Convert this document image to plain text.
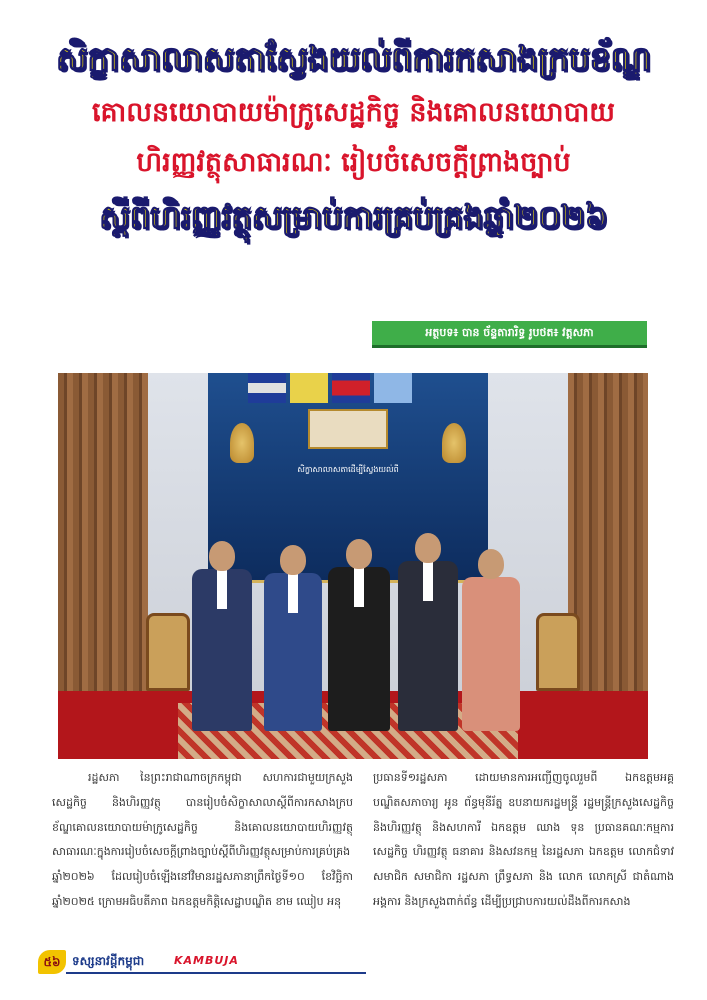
សិក្ខាសាលាសតាស្វែងយល់ពីការកសាងក្របខ័ណ្ឌ
គោលនយោបាយម៉ាក្រូសេដ្ឋកិច្ច និងគោលនយោបាយ
ហិរញ្ញវត្ថុសាធារណៈ រៀបចំសេចក្ដីព្រាងច្បាប់
ស្ដីពីហិរញ្ញវត្ថុសម្រាប់ការគ្រប់គ្រងឆ្នាំ២០២៦
អត្ថបទ៖ បាន ច័ន្ទតារារិទ្ធ រូបថត៖ វត្តសភា
សិក្ខាសាលាសតាដើម្បីស្វែងយល់ពី
រដ្ឋសភា នៃព្រះរាជាណាចក្រកម្ពុជា សហការជាមួយក្រសួងសេដ្ឋកិច្ច និងហិរញ្ញវត្ថុ បានរៀបចំសិក្ខាសាលាស្ដីពីការកសាងក្របខ័ណ្ឌគោលនយោបាយម៉ាក្រូសេដ្ឋកិច្ច និងគោលនយោបាយហិរញ្ញវត្ថុសាធារណៈក្នុងការរៀបចំសេចក្ដីព្រាងច្បាប់ស្ដីពីហិរញ្ញវត្ថុសម្រាប់ការគ្រប់គ្រងឆ្នាំ២០២៦ ដែលរៀបចំឡើងនៅវិមានរដ្ឋសភានាព្រឹកថ្ងៃទី១០ ខែវិច្ឆិកា ឆ្នាំ២០២៥ ក្រោមអធិបតីភាព ឯកឧត្ដមកិត្ដិសេដ្ឋាបណ្ឌិត ខាម ឈៀប អនុ
ប្រធានទី១រដ្ឋសភា ដោយមានការអញ្ជើញចូលរួមពី ឯកឧត្ដមអគ្គបណ្ឌិតសភាចារ្យ អូន ព័ន្ធមុនីរ័ត្ន ឧបនាយករដ្ឋមន្ត្រី រដ្ឋមន្ត្រីក្រសួងសេដ្ឋកិច្ច និងហិរញ្ញវត្ថុ និងសហការី ឯកឧត្ដម ឈាង ទុន ប្រធានគណៈកម្មការសេដ្ឋកិច្ច ហិរញ្ញវត្ថុ ធនាគារ និងសវនកម្ម នៃរដ្ឋសភា ឯកឧត្ដម លោកជំទាវ សមាជិក សមាជិកា រដ្ឋសភា ព្រឹទ្ធសភា និង លោក លោកស្រី ជាតំណាងអង្គការ និងក្រសួងពាក់ព័ន្ធ ដើម្បីប្រជ្រាបការយល់ដឹងពីការកសាង
៥៦ ទស្សនាវដ្ដីកម្ពុជា	KAMBUJA
